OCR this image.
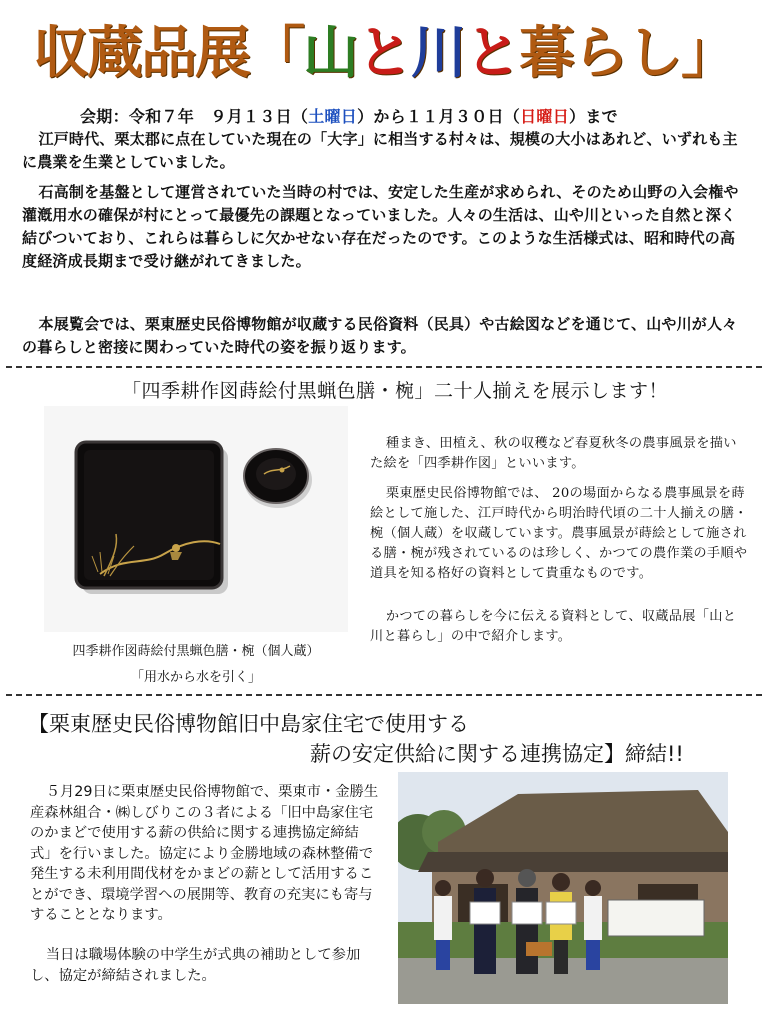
収蔵品展「山と川と暮らし」
会期：令和７年　９月１３日（土曜日）から１１月３０日（日曜日）まで
江戸時代、栗太郡に点在していた現在の「大字」に相当する村々は、規模の大小はあれど、いずれも主に農業を生業としていました。
石高制を基盤として運営されていた当時の村では、安定した生産が求められ、そのため山野の入会権や灌漑用水の確保が村にとって最優先の課題となっていました。人々の生活は、山や川といった自然と深く結びついており、これらは暮らしに欠かせない存在だったのです。このような生活様式は、昭和時代の高度経済成長期まで受け継がれてきました。
本展覧会では、栗東歴史民俗博物館が収蔵する民俗資料（民具）や古絵図などを通じて、山や川が人々の暮らしと密接に関わっていた時代の姿を振り返ります。
「四季耕作図蒔絵付黒蝋色膳・椀」二十人揃えを展示します！
四季耕作図蒔絵付黒蝋色膳・椀（個人蔵）
「用水から水を引く」
種まき、田植え、秋の収穫など春夏秋冬の農事風景を描いた絵を「四季耕作図」といいます。
栗東歴史民俗博物館では、 20の場面からなる農事風景を蒔絵として施した、江戸時代から明治時代頃の二十人揃えの膳・椀（個人蔵）を収蔵しています。農事風景が蒔絵として施される膳・椀が残されているのは珍しく、かつての農作業の手順や道具を知る格好の資料として貴重なものです。
かつての暮らしを今に伝える資料として、収蔵品展「山と川と暮らし」の中で紹介します。
【栗東歴史民俗博物館旧中島家住宅で使用する
薪の安定供給に関する連携協定】締結!!
５月29日に栗東歴史民俗博物館で、栗東市・金勝生産森林組合・㈱しびりこの３者による「旧中島家住宅のかまどで使用する薪の供給に関する連携協定締結式」を行いました。協定により金勝地域の森林整備で発生する未利用間伐材をかまどの薪として活用することができ、環境学習への展開等、教育の充実にも寄与することとなります。
当日は職場体験の中学生が式典の補助として参加し、協定が締結されました。
